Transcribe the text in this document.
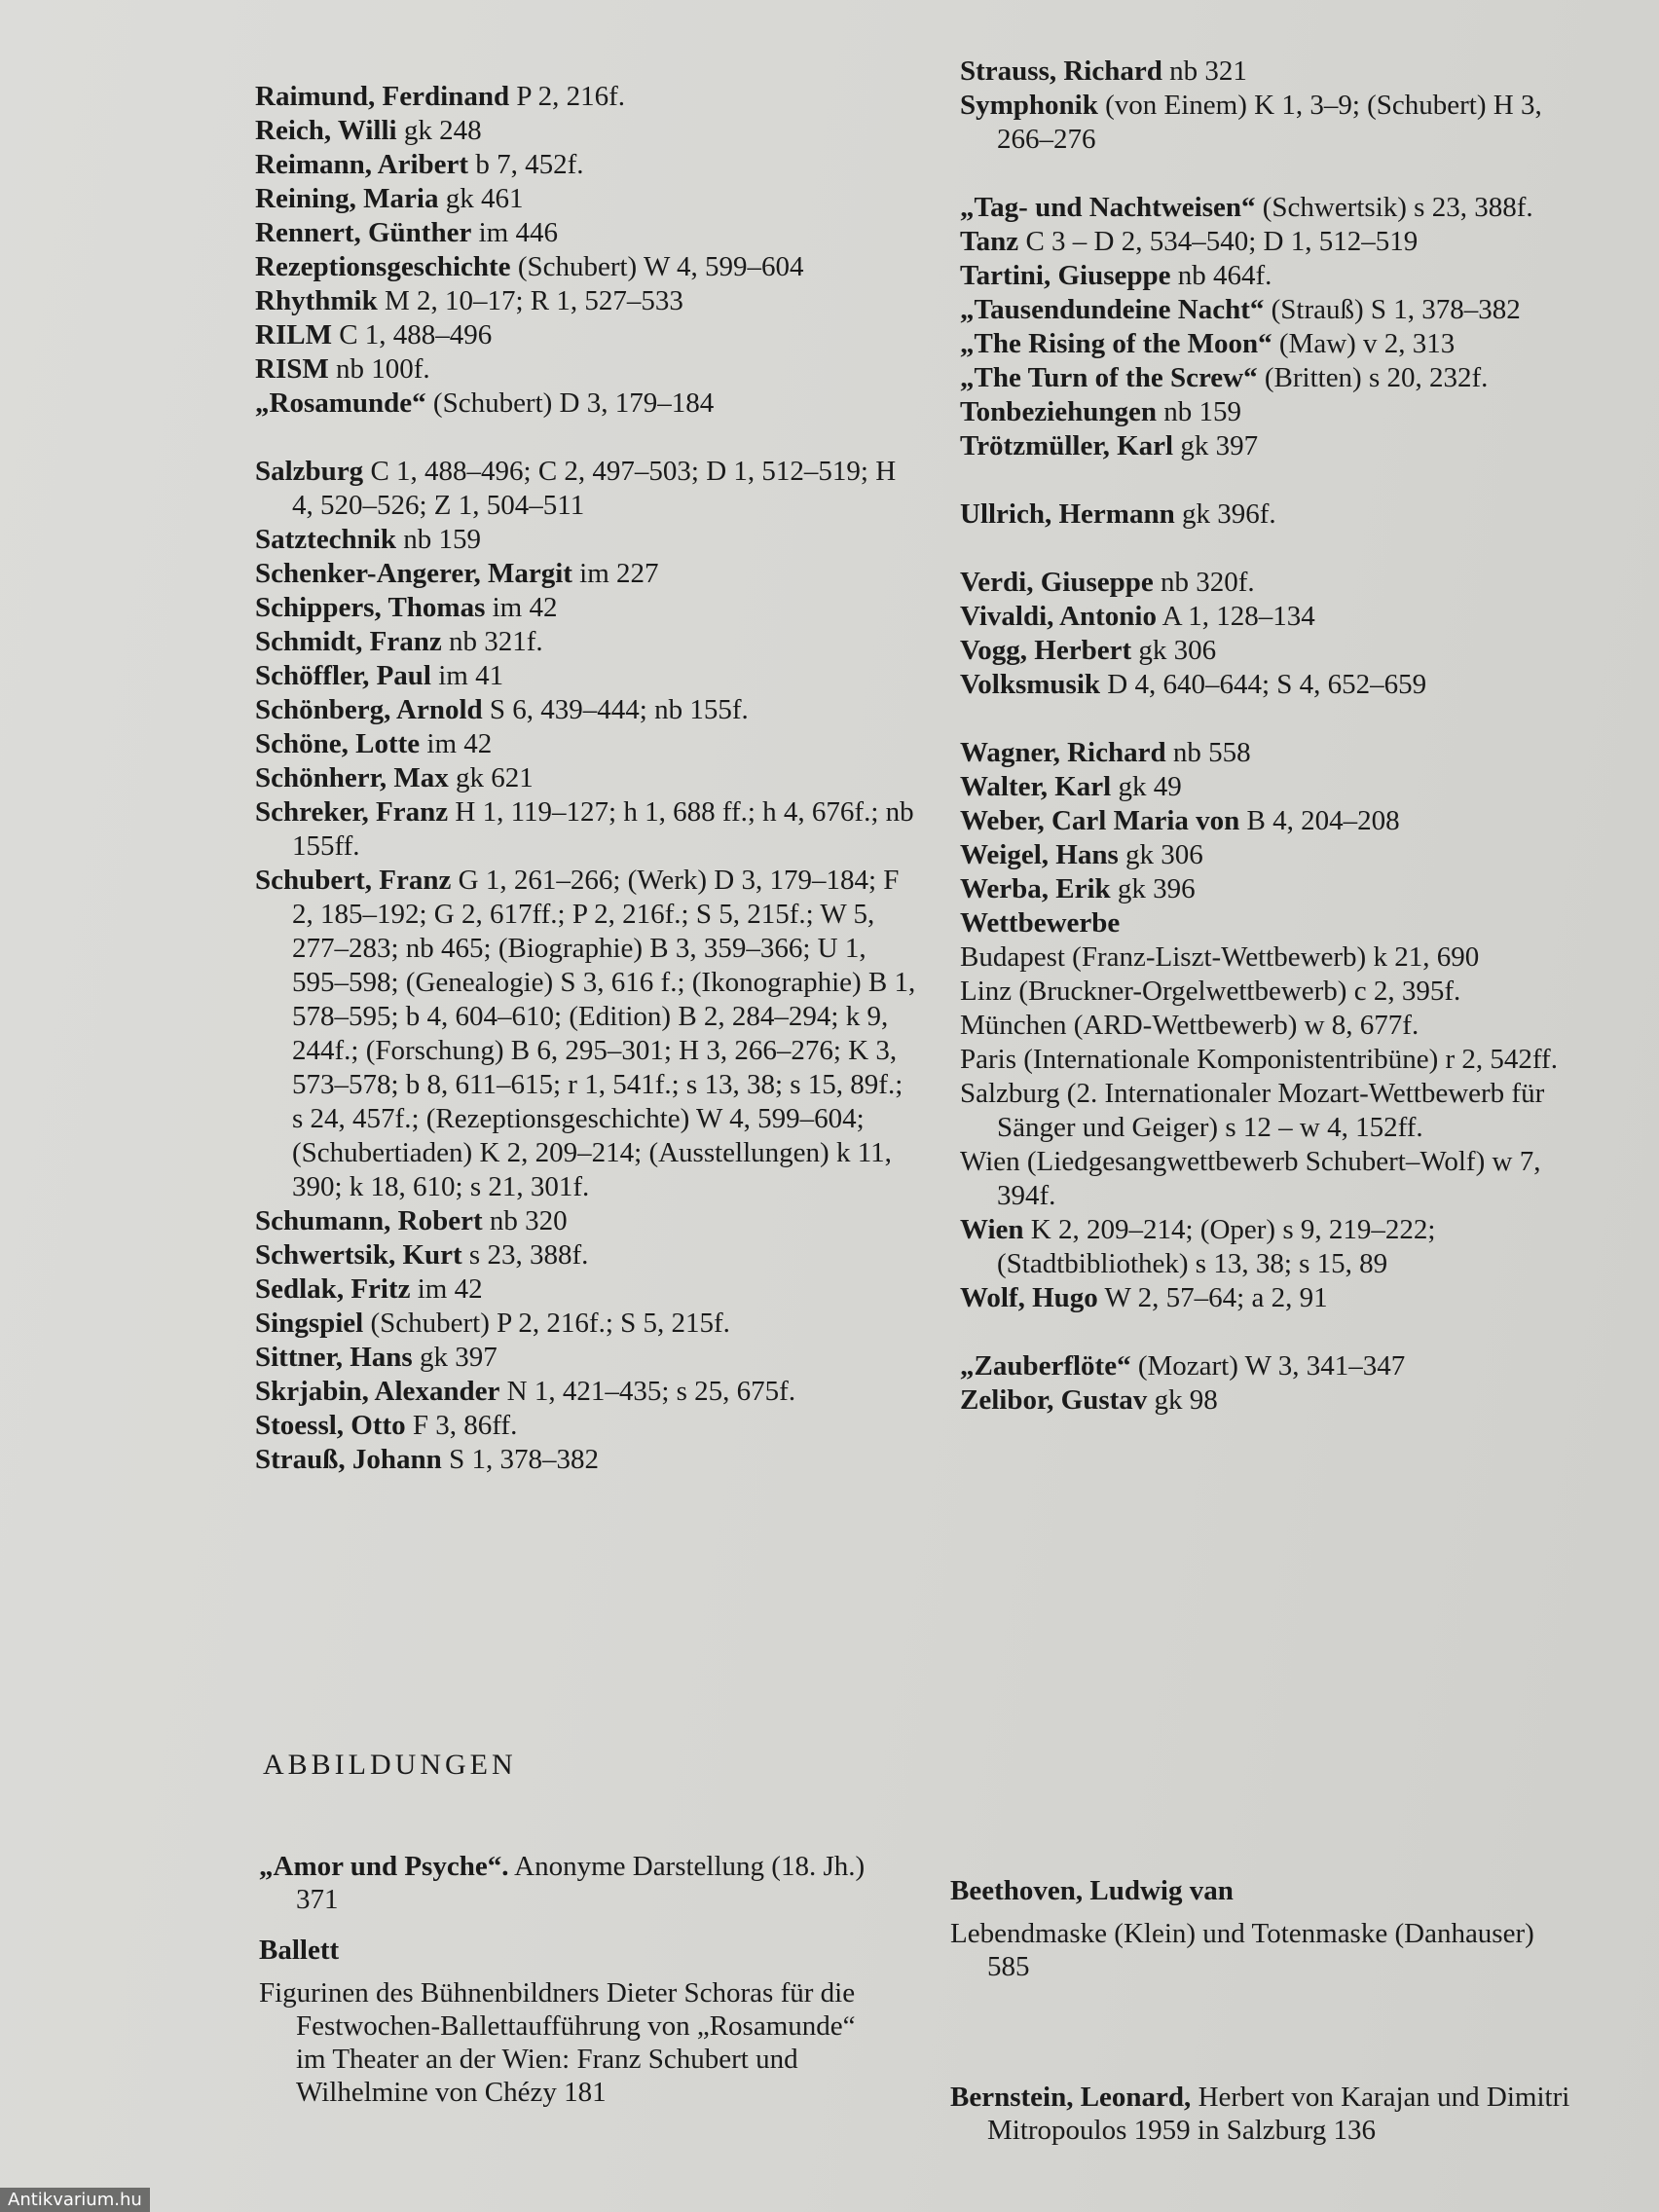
Raimund, Ferdinand P 2, 216f.
Reich, Willi gk 248
Reimann, Aribert b 7, 452f.
Reining, Maria gk 461
Rennert, Günther im 446
Rezeptionsgeschichte (Schubert) W 4, 599–604
Rhythmik M 2, 10–17; R 1, 527–533
RILM C 1, 488–496
RISM nb 100f.
„Rosamunde“ (Schubert) D 3, 179–184
Salzburg C 1, 488–496; C 2, 497–503; D 1, 512–519; H 4, 520–526; Z 1, 504–511
Satztechnik nb 159
Schenker-Angerer, Margit im 227
Schippers, Thomas im 42
Schmidt, Franz nb 321f.
Schöffler, Paul im 41
Schönberg, Arnold S 6, 439–444; nb 155f.
Schöne, Lotte im 42
Schönherr, Max gk 621
Schreker, Franz H 1, 119–127; h 1, 688 ff.; h 4, 676f.; nb 155ff.
Schubert, Franz G 1, 261–266; (Werk) D 3, 179–184; F 2, 185–192; G 2, 617ff.; P 2, 216f.; S 5, 215f.; W 5, 277–283; nb 465; (Biographie) B 3, 359–366; U 1, 595–598; (Genealogie) S 3, 616 f.; (Ikonographie) B 1, 578–595; b 4, 604–610; (Edition) B 2, 284–294; k 9, 244f.; (Forschung) B 6, 295–301; H 3, 266–276; K 3, 573–578; b 8, 611–615; r 1, 541f.; s 13, 38; s 15, 89f.; s 24, 457f.; (Rezeptionsgeschichte) W 4, 599–604; (Schubertiaden) K 2, 209–214; (Ausstellungen) k 11, 390; k 18, 610; s 21, 301f.
Schumann, Robert nb 320
Schwertsik, Kurt s 23, 388f.
Sedlak, Fritz im 42
Singspiel (Schubert) P 2, 216f.; S 5, 215f.
Sittner, Hans gk 397
Skrjabin, Alexander N 1, 421–435; s 25, 675f.
Stoessl, Otto F 3, 86ff.
Strauß, Johann S 1, 378–382
Strauss, Richard nb 321
Symphonik (von Einem) K 1, 3–9; (Schubert) H 3, 266–276
„Tag- und Nachtweisen“ (Schwertsik) s 23, 388f.
Tanz C 3 – D 2, 534–540; D 1, 512–519
Tartini, Giuseppe nb 464f.
„Tausendundeine Nacht“ (Strauß) S 1, 378–382
„The Rising of the Moon“ (Maw) v 2, 313
„The Turn of the Screw“ (Britten) s 20, 232f.
Tonbeziehungen nb 159
Trötzmüller, Karl gk 397
Ullrich, Hermann gk 396f.
Verdi, Giuseppe nb 320f.
Vivaldi, Antonio A 1, 128–134
Vogg, Herbert gk 306
Volksmusik D 4, 640–644; S 4, 652–659
Wagner, Richard nb 558
Walter, Karl gk 49
Weber, Carl Maria von B 4, 204–208
Weigel, Hans gk 306
Werba, Erik gk 396
Wettbewerbe
Budapest (Franz-Liszt-Wettbewerb) k 21, 690
Linz (Bruckner-Orgelwettbewerb) c 2, 395f.
München (ARD-Wettbewerb) w 8, 677f.
Paris (Internationale Komponistentribüne) r 2, 542ff.
Salzburg (2. Internationaler Mozart-Wettbewerb für Sänger und Geiger) s 12 – w 4, 152ff.
Wien (Liedgesangwettbewerb Schubert–Wolf) w 7, 394f.
Wien K 2, 209–214; (Oper) s 9, 219–222; (Stadtbibliothek) s 13, 38; s 15, 89
Wolf, Hugo W 2, 57–64; a 2, 91
„Zauberflöte“ (Mozart) W 3, 341–347
Zelibor, Gustav gk 98
ABBILDUNGEN
„Amor und Psyche“. Anonyme Darstellung (18. Jh.) 371
Ballett
Figurinen des Bühnenbildners Dieter Schoras für die Festwochen-Ballettaufführung von „Rosamunde“ im Theater an der Wien: Franz Schubert und Wilhelmine von Chézy 181
Beethoven, Ludwig van
Lebendmaske (Klein) und Totenmaske (Danhauser) 585
Bernstein, Leonard, Herbert von Karajan und Dimitri Mitropoulos 1959 in Salzburg 136
Antikvarium.hu
